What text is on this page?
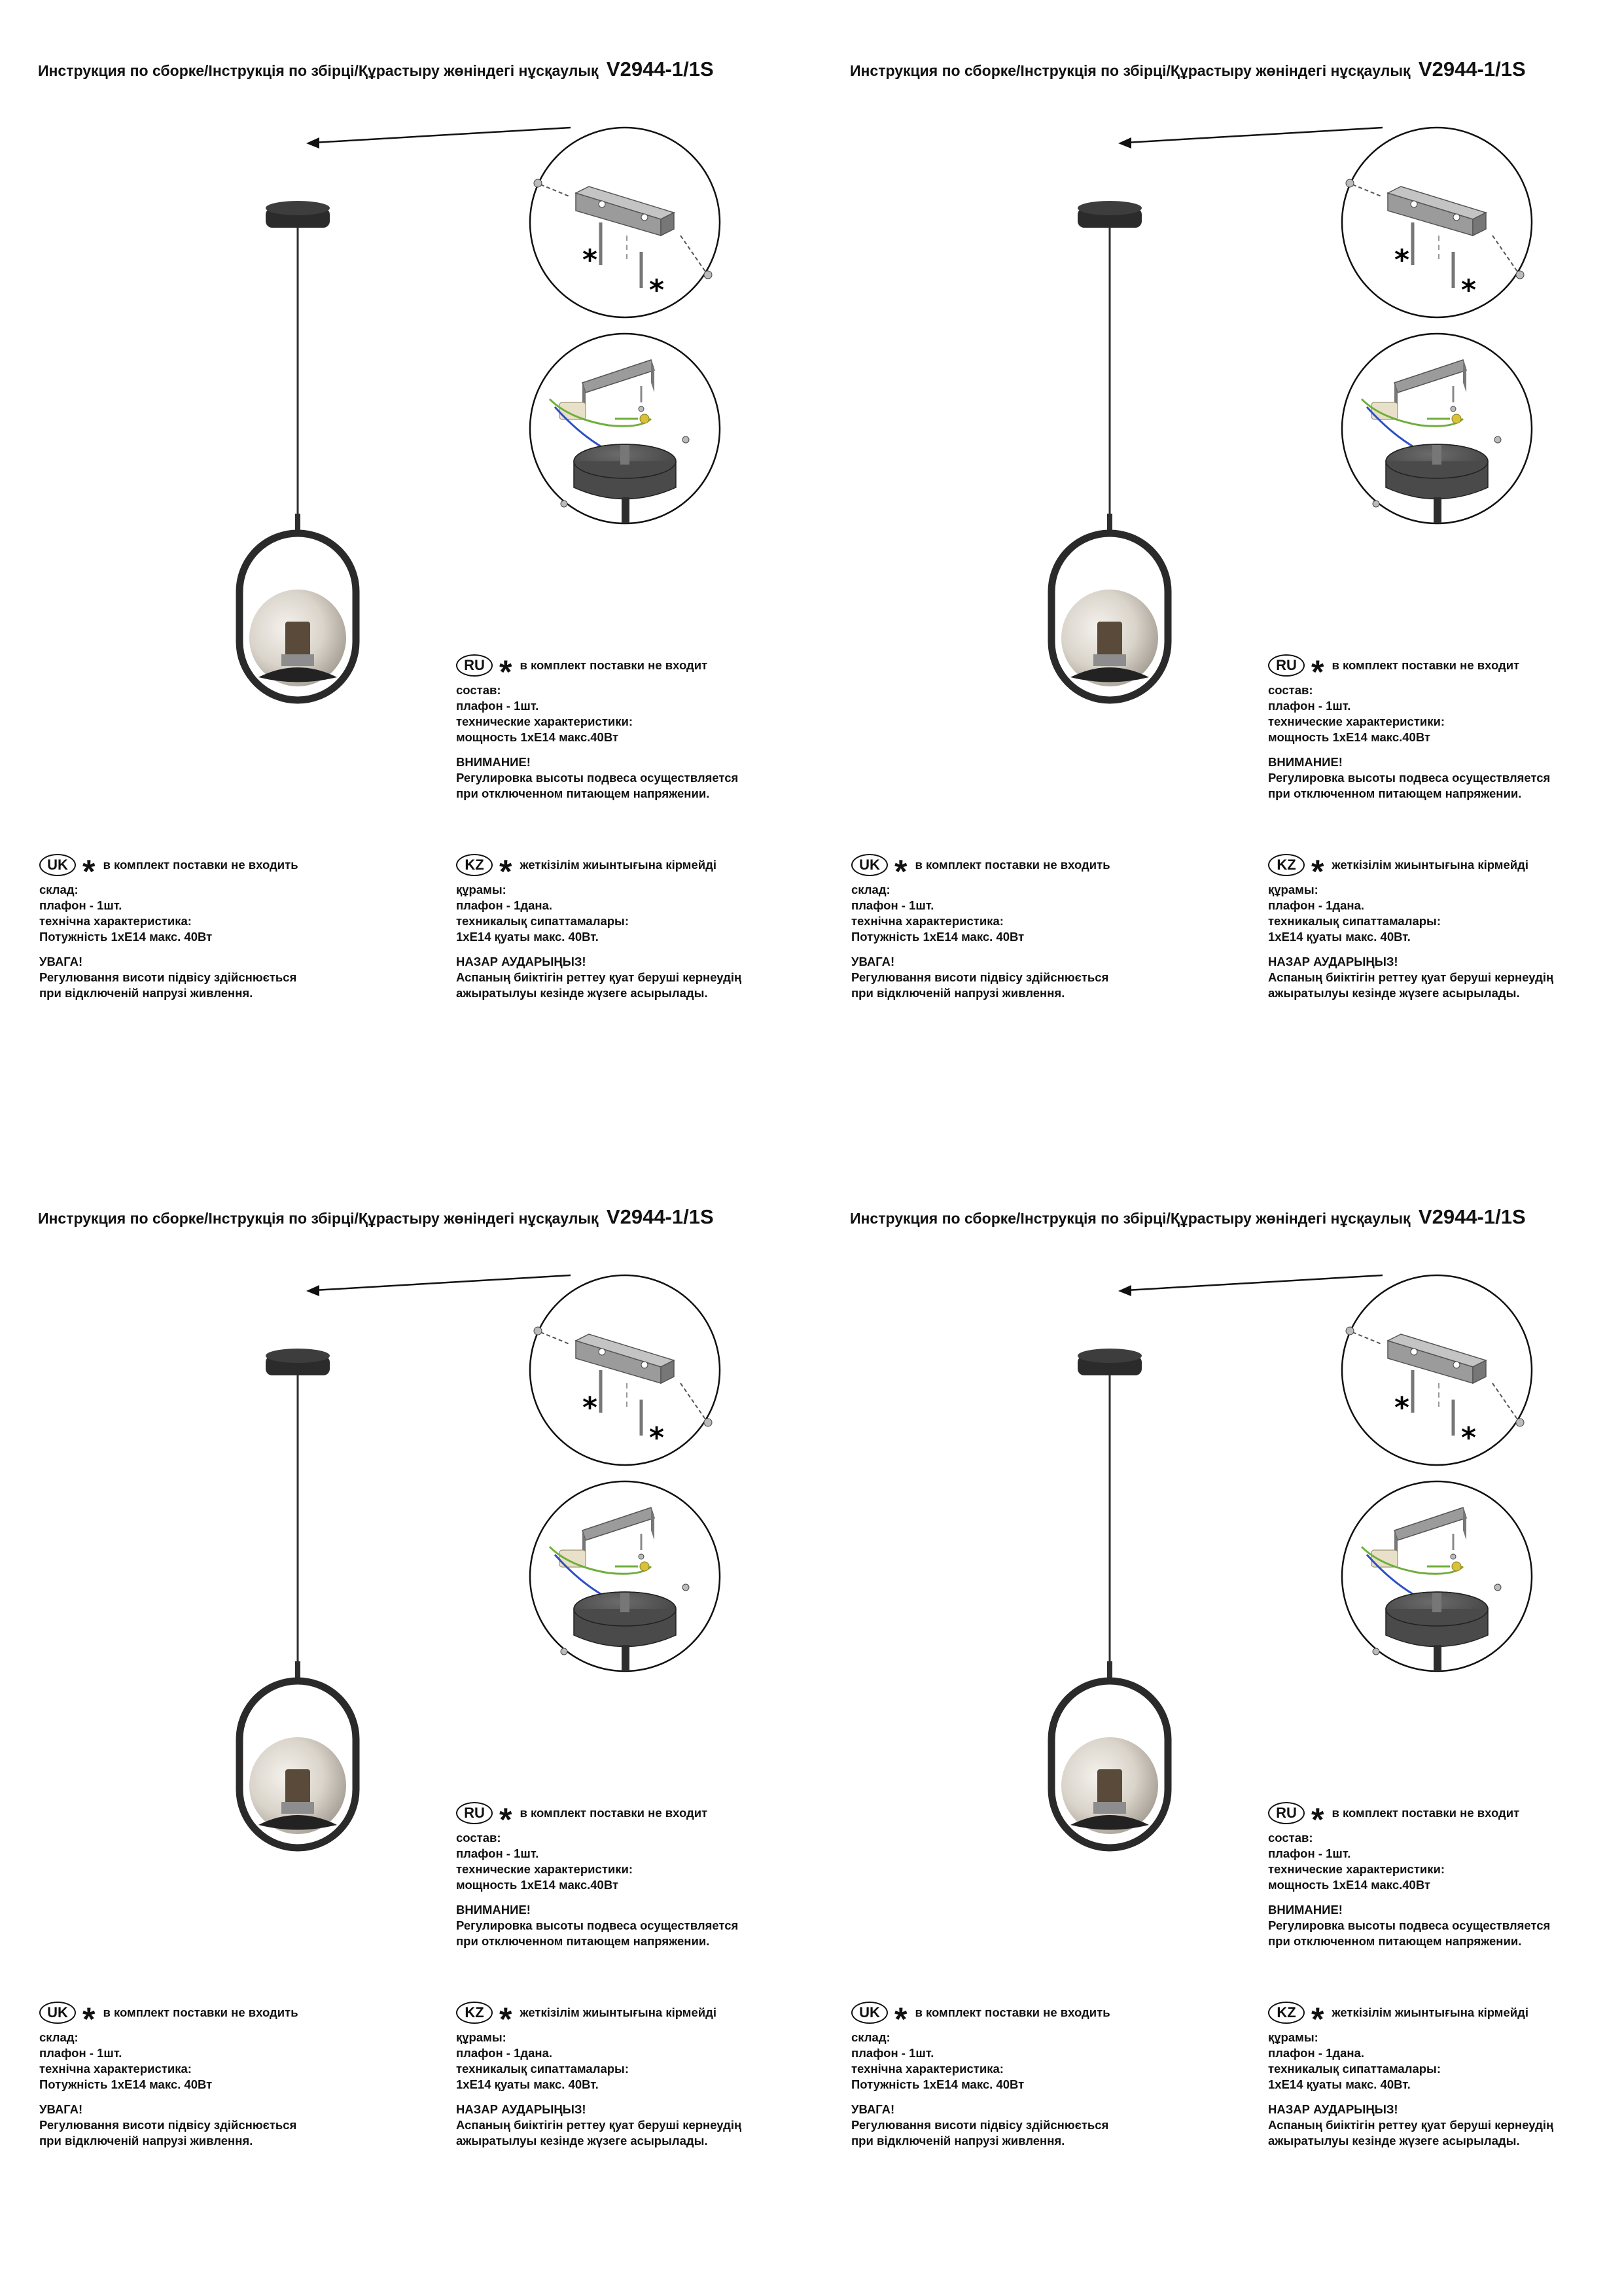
Инструкция по сборке/Інструкція по збірці/Құрастыру жөніндегі нұсқаулық V2944-1/1S
*
*
RU * в комплект поставки не входит
состав:
плафон - 1шт.
технические характеристики:
мощность 1хЕ14 макс.40Вт
ВНИМАНИЕ!
Регулировка высоты подвеса осуществляется
при отключенном питающем напряжении.
UK * в комплект поставки не входить
склад:
плафон - 1шт.
технічна характеристика:
Потужність 1хЕ14 макс. 40Вт
УВАГА!
Регулювання висоти підвісу здійснюється
при відключеній напрузі живлення.
KZ * жеткізілім жиынтығына кірмейді
құрамы:
плафон - 1дана.
техникалық сипаттамалары:
1хЕ14 қуаты макс. 40Вт.
НАЗАР АУДАРЫҢЫЗ!
Аспаның биіктігін реттеу қуат беруші кернеудің
ажыратылуы кезінде жүзеге асырылады.
Инструкция по сборке/Інструкція по збірці/Құрастыру жөніндегі нұсқаулық V2944-1/1S
*
*
RU * в комплект поставки не входит
состав:
плафон - 1шт.
технические характеристики:
мощность 1хЕ14 макс.40Вт
ВНИМАНИЕ!
Регулировка высоты подвеса осуществляется
при отключенном питающем напряжении.
UK * в комплект поставки не входить
склад:
плафон - 1шт.
технічна характеристика:
Потужність 1хЕ14 макс. 40Вт
УВАГА!
Регулювання висоти підвісу здійснюється
при відключеній напрузі живлення.
KZ * жеткізілім жиынтығына кірмейді
құрамы:
плафон - 1дана.
техникалық сипаттамалары:
1хЕ14 қуаты макс. 40Вт.
НАЗАР АУДАРЫҢЫЗ!
Аспаның биіктігін реттеу қуат беруші кернеудің
ажыратылуы кезінде жүзеге асырылады.
Инструкция по сборке/Інструкція по збірці/Құрастыру жөніндегі нұсқаулық V2944-1/1S
*
*
RU * в комплект поставки не входит
состав:
плафон - 1шт.
технические характеристики:
мощность 1хЕ14 макс.40Вт
ВНИМАНИЕ!
Регулировка высоты подвеса осуществляется
при отключенном питающем напряжении.
UK * в комплект поставки не входить
склад:
плафон - 1шт.
технічна характеристика:
Потужність 1хЕ14 макс. 40Вт
УВАГА!
Регулювання висоти підвісу здійснюється
при відключеній напрузі живлення.
KZ * жеткізілім жиынтығына кірмейді
құрамы:
плафон - 1дана.
техникалық сипаттамалары:
1хЕ14 қуаты макс. 40Вт.
НАЗАР АУДАРЫҢЫЗ!
Аспаның биіктігін реттеу қуат беруші кернеудің
ажыратылуы кезінде жүзеге асырылады.
Инструкция по сборке/Інструкція по збірці/Құрастыру жөніндегі нұсқаулық V2944-1/1S
*
*
RU * в комплект поставки не входит
состав:
плафон - 1шт.
технические характеристики:
мощность 1хЕ14 макс.40Вт
ВНИМАНИЕ!
Регулировка высоты подвеса осуществляется
при отключенном питающем напряжении.
UK * в комплект поставки не входить
склад:
плафон - 1шт.
технічна характеристика:
Потужність 1хЕ14 макс. 40Вт
УВАГА!
Регулювання висоти підвісу здійснюється
при відключеній напрузі живлення.
KZ * жеткізілім жиынтығына кірмейді
құрамы:
плафон - 1дана.
техникалық сипаттамалары:
1хЕ14 қуаты макс. 40Вт.
НАЗАР АУДАРЫҢЫЗ!
Аспаның биіктігін реттеу қуат беруші кернеудің
ажыратылуы кезінде жүзеге асырылады.
